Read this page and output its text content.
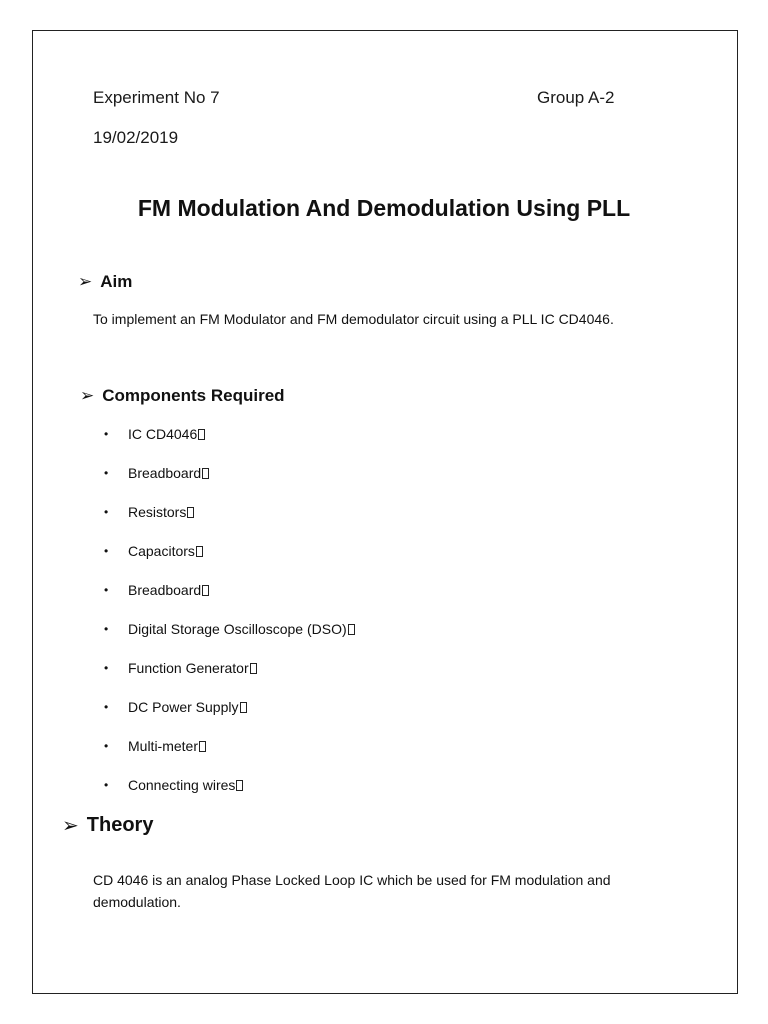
Experiment No 7	Group A-2
19/02/2019
FM Modulation And Demodulation Using PLL
➢ Aim
To implement an FM Modulator and FM demodulator circuit using a PLL IC CD4046.
➢ Components Required
•	IC CD4046
•	Breadboard
•	Resistors
•	Capacitors
•	Breadboard
•	Digital Storage Oscilloscope (DSO)
•	Function Generator
•	DC Power Supply
•	Multi-meter
•	Connecting wires
➢ Theory
CD 4046 is an analog Phase Locked Loop IC which be used for FM modulation and demodulation.
